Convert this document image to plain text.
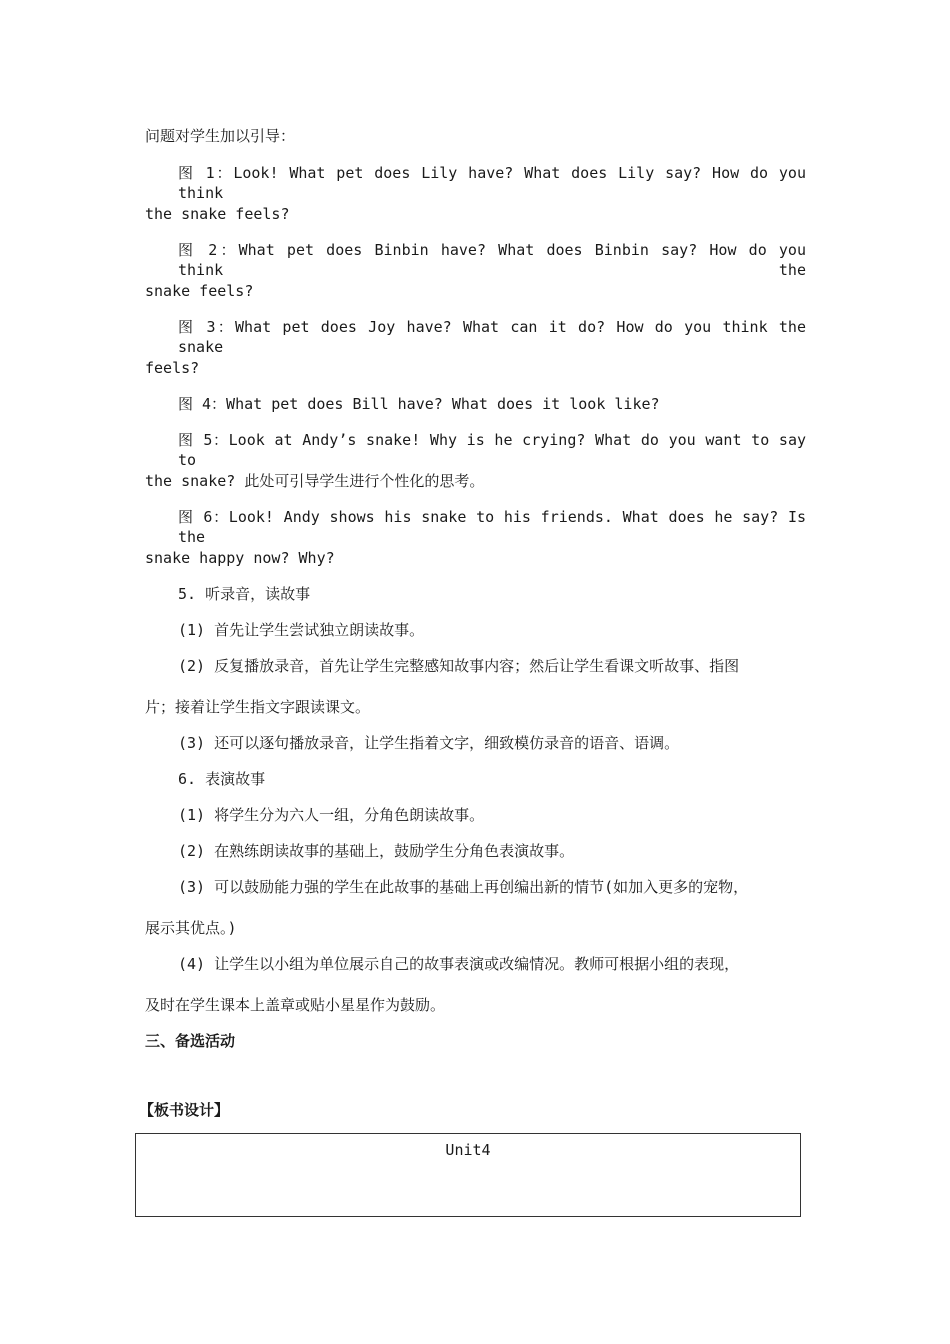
问题对学生加以引导：

图 1：Look! What pet does Lily have? What does Lily say? How do you think

the snake feels?

图 2：What pet does Binbin have? What does Binbin say? How do you think the

snake feels?

图 3：What pet does Joy have? What can it do? How do you think the snake

feels?

图 4：What pet does Bill have? What does it look like?

图 5：Look at Andy’s snake! Why is he crying? What do you want to say to

the snake? 此处可引导学生进行个性化的思考。

图 6：Look! Andy shows his snake to his friends. What does he say? Is the

snake happy now? Why?

5. 听录音，读故事

(1) 首先让学生尝试独立朗读故事。

(2) 反复播放录音，首先让学生完整感知故事内容；然后让学生看课文听故事、指图

片；接着让学生指文字跟读课文。

(3) 还可以逐句播放录音，让学生指着文字，细致模仿录音的语音、语调。

6. 表演故事

(1) 将学生分为六人一组，分角色朗读故事。

(2) 在熟练朗读故事的基础上，鼓励学生分角色表演故事。

(3) 可以鼓励能力强的学生在此故事的基础上再创编出新的情节(如加入更多的宠物，

展示其优点。)

(4) 让学生以小组为单位展示自己的故事表演或改编情况。教师可根据小组的表现，

及时在学生课本上盖章或贴小星星作为鼓励。

三、备选活动

【板书设计】

Unit4
